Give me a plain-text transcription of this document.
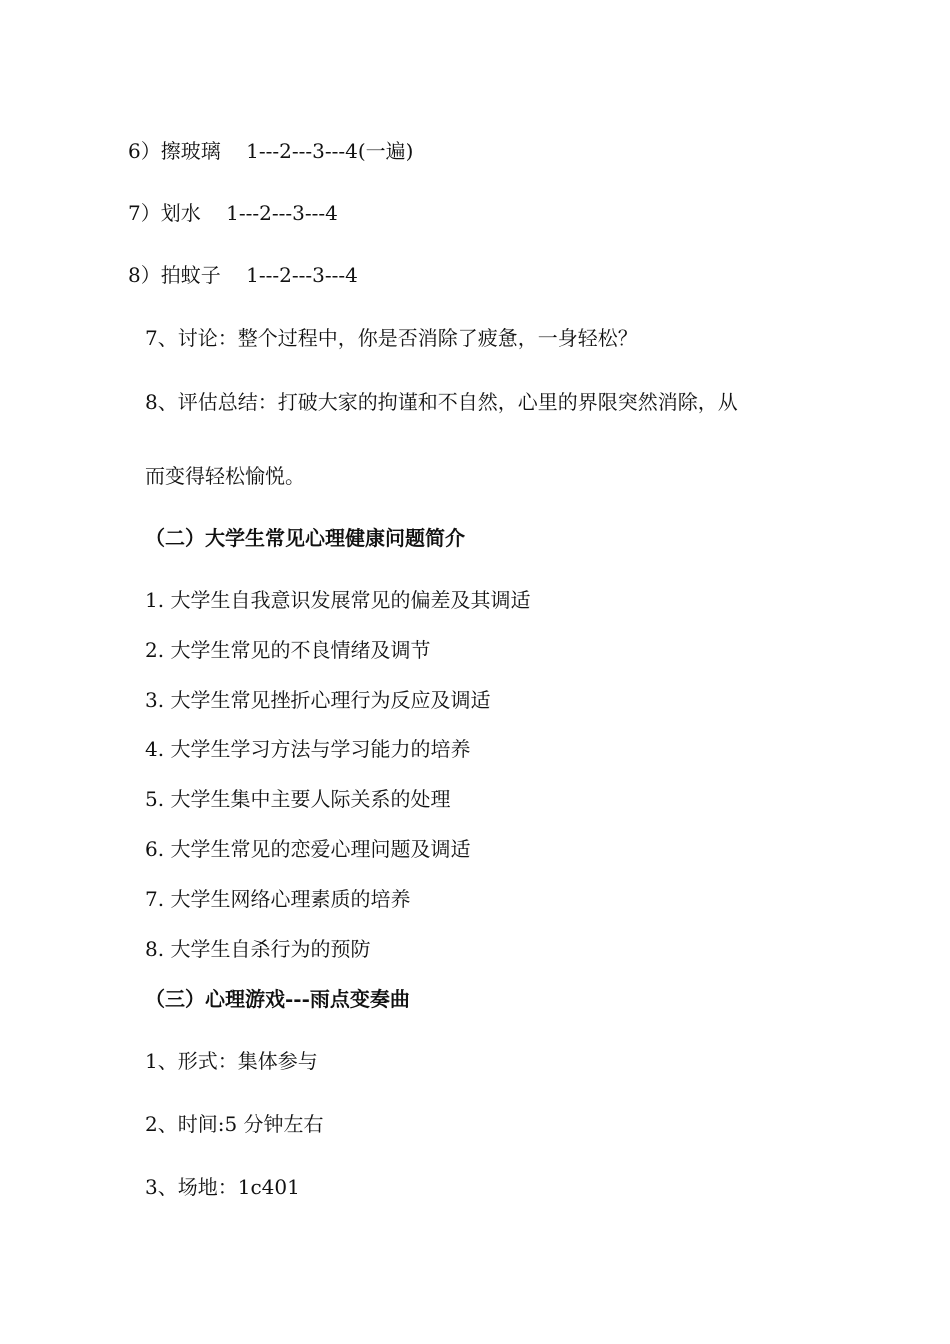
6）擦玻璃    1---2---3---4(一遍)
7）划水    1---2---3---4
8）拍蚊子    1---2---3---4
7、讨论：整个过程中，你是否消除了疲惫，一身轻松？
8、评估总结：打破大家的拘谨和不自然，心里的界限突然消除，从
而变得轻松愉悦。
（二）大学生常见心理健康问题简介
1. 大学生自我意识发展常见的偏差及其调适
2. 大学生常见的不良情绪及调节
3. 大学生常见挫折心理行为反应及调适
4. 大学生学习方法与学习能力的培养
5. 大学生集中主要人际关系的处理
6. 大学生常见的恋爱心理问题及调适
7. 大学生网络心理素质的培养
8. 大学生自杀行为的预防
（三）心理游戏---雨点变奏曲
1、形式：集体参与
2、时间:5 分钟左右
3、场地：1c401
